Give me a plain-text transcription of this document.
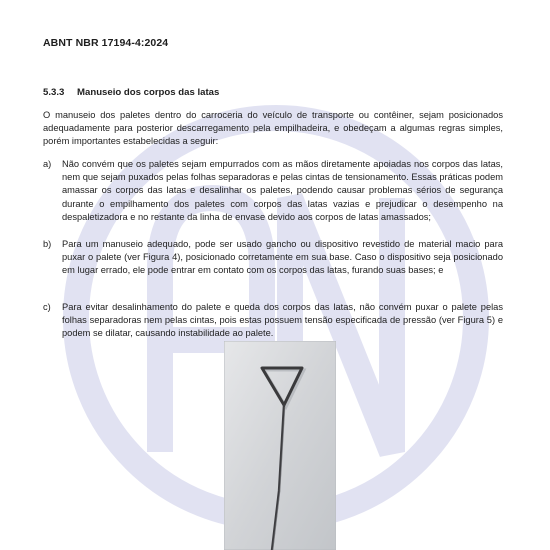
ABNT NBR 17194-4:2024
5.3.3 Manuseio dos corpos das latas
O manuseio dos paletes dentro do carroceria do veículo de transporte ou contêiner, sejam posicionados adequadamente para posterior descarregamento pela empilhadeira, e obedeçam a algumas regras simples, porém importantes estabelecidas a seguir:
a) Não convém que os paletes sejam empurrados com as mãos diretamente apoiadas nos corpos das latas, nem que sejam puxados pelas folhas separadoras e pelas cintas de tensionamento. Essas práticas podem amassar os corpos das latas e desalinhar os paletes, podendo causar problemas sérios de segurança durante o empilhamento dos paletes com corpos das latas vazias e prejudicar o desempenho na despaletizadora e no restante da linha de envase devido aos corpos de latas amassados;
b) Para um manuseio adequado, pode ser usado gancho ou dispositivo revestido de material macio para puxar o palete (ver Figura 4), posicionado corretamente em sua base. Caso o dispositivo seja posicionado em lugar errado, ele pode entrar em contato com os corpos das latas, furando suas bases; e
c) Para evitar desalinhamento do palete e queda dos corpos das latas, não convém puxar o palete pelas folhas separadoras nem pelas cintas, pois estas possuem tensão especificada de pressão (ver Figura 5) e podem se dilatar, causando instabilidade ao palete.
